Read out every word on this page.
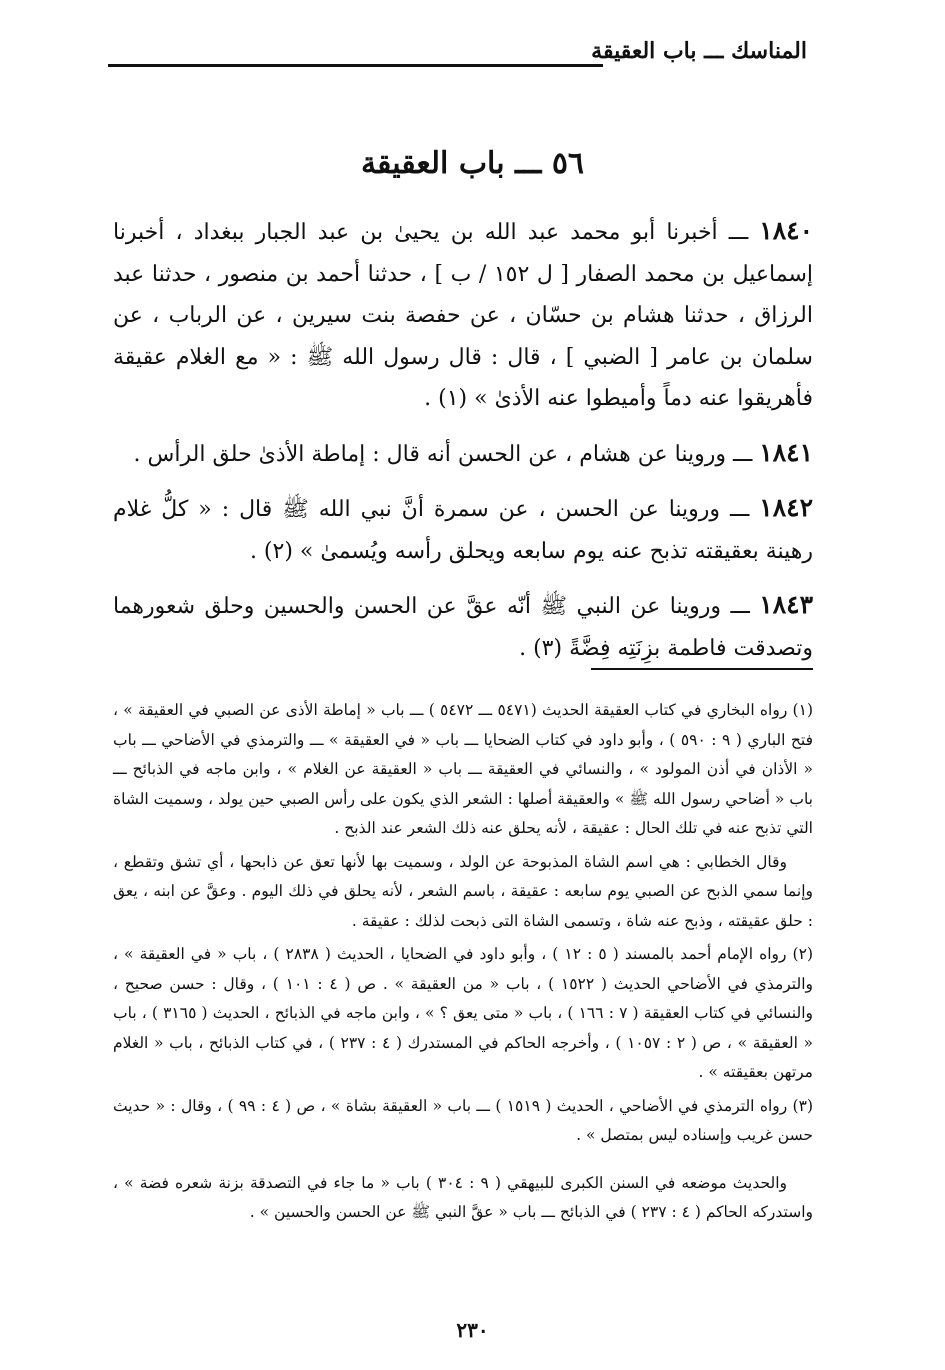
المناسك ـــ باب العقيقة
٥٦ ـــ باب العقيقة

١٨٤٠ ـــ أخبرنا أبو محمد عبد الله بن يحيىٰ بن عبد الجبار ببغداد ، أخبرنا إسماعيل بن محمد الصفار [ ل ١٥٢ / ب ] ، حدثنا أحمد بن منصور ، حدثنا عبد الرزاق ، حدثنا هشام بن حسّان ، عن حفصة بنت سيرين ، عن الرباب ، عن سلمان بن عامر [ الضبي ] ، قال : قال رسول الله ﷺ : « مع الغلام عقيقة فأهريقوا عنه دماً وأميطوا عنه الأذىٰ » (١) .

١٨٤١ ـــ وروينا عن هشام ، عن الحسن أنه قال : إماطة الأذىٰ حلق الرأس .

١٨٤٢ ـــ وروينا عن الحسن ، عن سمرة أنَّ نبي الله ﷺ قال : « كلُّ غلام رهينة بعقيقته تذبح عنه يوم سابعه ويحلق رأسه ويُسمىٰ » (٢) .

١٨٤٣ ـــ وروينا عن النبي ﷺ أنّه عقَّ عن الحسن والحسين وحلق شعورهما وتصدقت فاطمة بزِنَتِه فِضَّةً (٣) .

(١) رواه البخاري في كتاب العقيقة الحديث (٥٤٧١ ـــ ٥٤٧٢ ) ـــ باب « إماطة الأذى عن الصبي في العقيقة » ، فتح الباري ( ٩ : ٥٩٠ ) ، وأبو داود في كتاب الضحايا ـــ باب « في العقيقة » ـــ والترمذي في الأضاحي ـــ باب « الأذان في أذن المولود » ، والنسائي في العقيقة ـــ باب « العقيقة عن الغلام » ، وابن ماجه في الذبائح ـــ باب « أضاحي رسول الله ﷺ » والعقيقة أصلها : الشعر الذي يكون على رأس الصبي حين يولد ، وسميت الشاة التي تذبح عنه في تلك الحال : عقيقة ، لأنه يحلق عنه ذلك الشعر عند الذبح .

وقال الخطابي : هي اسم الشاة المذبوحة عن الولد ، وسميت بها لأنها تعق عن ذابحها ، أي تشق وتقطع ، وإنما سمي الذبح عن الصبي يوم سابعه : عقيقة ، باسم الشعر ، لأنه يحلق في ذلك اليوم . وعقَّ عن ابنه ، يعق : حلق عقيقته ، وذبح عنه شاة ، وتسمى الشاة التى ذبحت لذلك : عقيقة .

(٢) رواه الإمام أحمد بالمسند ( ٥ : ١٢ ) ، وأبو داود في الضحايا ، الحديث ( ٢٨٣٨ ) ، باب « في العقيقة » ، والترمذي في الأضاحي الحديث ( ١٥٢٢ ) ، باب « من العقيقة » . ص ( ٤ : ١٠١ ) ، وقال : حسن صحيح ، والنسائي في كتاب العقيقة ( ٧ : ١٦٦ ) ، باب « متى يعق ؟ » ، وابن ماجه في الذبائح ، الحديث ( ٣١٦٥ ) ، باب « العقيقة » ، ص ( ٢ : ١٠٥٧ ) ، وأخرجه الحاكم في المستدرك ( ٤ : ٢٣٧ ) ، في كتاب الذبائح ، باب « الغلام مرتهن بعقيقته » .

(٣) رواه الترمذي في الأضاحي ، الحديث ( ١٥١٩ ) ـــ باب « العقيقة بشاة » ، ص ( ٤ : ٩٩ ) ، وقال : « حديث حسن غريب وإسناده ليس بمتصل » .

والحديث موضعه في السنن الكبرى للبيهقي ( ٩ : ٣٠٤ ) باب « ما جاء في التصدقة بزنة شعره فضة » ، واستدركه الحاكم ( ٤ : ٢٣٧ ) في الذبائح ـــ باب « عقَّ النبي ﷺ عن الحسن والحسين » .

٢٣٠
